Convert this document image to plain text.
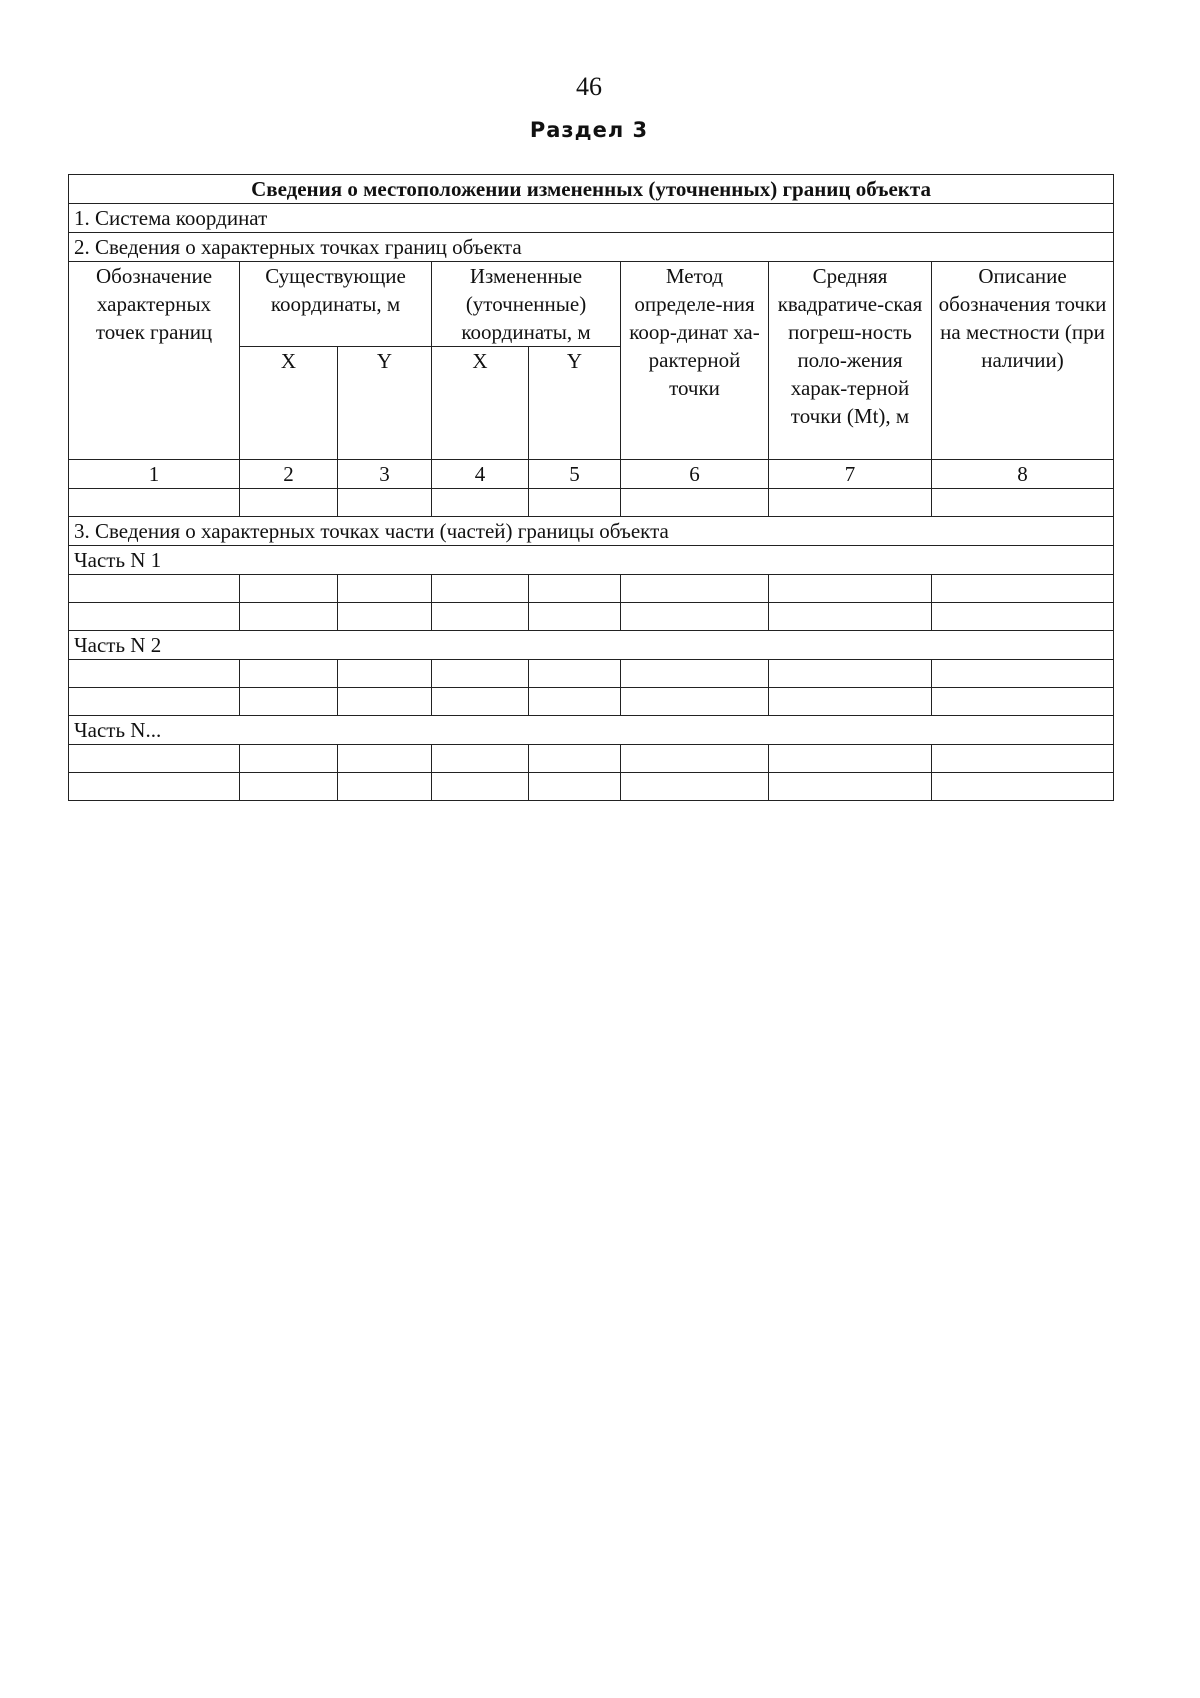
46
Раздел 3
Сведения о местоположении измененных (уточненных) границ объекта							
1. Система координат							
2. Сведения о характерных точках границ объекта							
Обозначение характерных точек границ	Существующие координаты, м		Измененные (уточненные) координаты, м		Метод определе-ния коор-динат ха-рактерной точки	Средняя квадратиче-ская погреш-ность поло-жения харак-терной точки (Mt), м	Описание обозначения точки на местности (при наличии)
	X	Y	X	Y			
1	2	3	4	5	6	7	8

3. Сведения о характерных точках части (частей) границы объекта							
Часть N 1							

Часть N 2							

Часть N...							
